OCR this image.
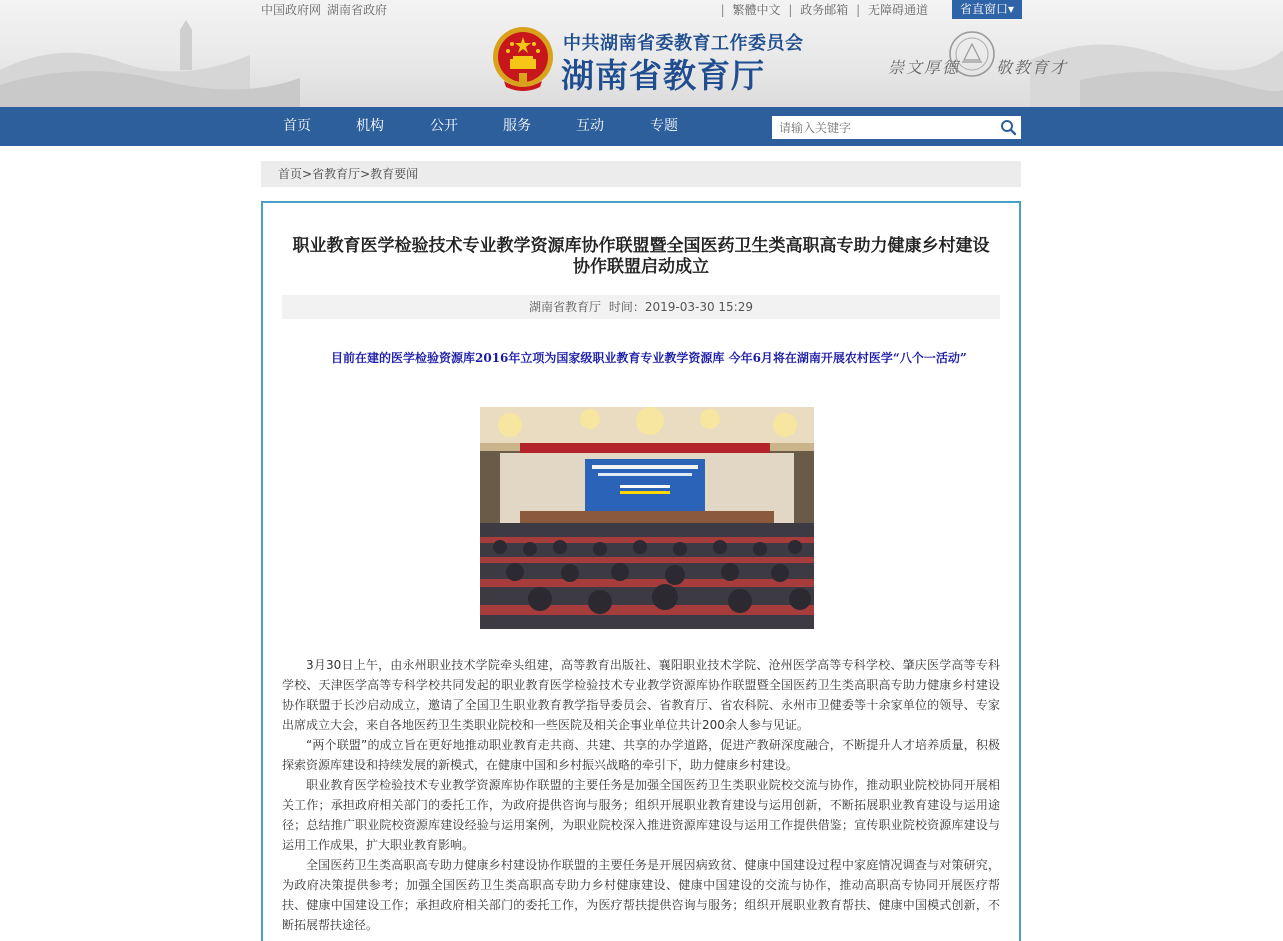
中国政府网 湖南省政府	| 繁體中文 | 政务邮箱 | 无障碍通道	省直窗口▾
中共湖南省委教育工作委员会
湖南省教育厅	崇文厚德　　 敬教育才
首页	机构	公开	服务	互动	专题
请输入关键字
首页>省教育厅>教育要闻
职业教育医学检验技术专业教学资源库协作联盟暨全国医药卫生类高职高专助力健康乡村建设
协作联盟启动成立
湖南省教育厅 时间：2019-03-30 15:29
目前在建的医学检验资源库2016年立项为国家级职业教育专业教学资源库 今年6月将在湖南开展农村医学“八个一活动”

3月30日上午，由永州职业技术学院牵头组建，高等教育出版社、襄阳职业技术学院、沧州医学高等专科学校、肇庆医学高等专科学校、天津医学高等专科学校共同发起的职业教育医学检验技术专业教学资源库协作联盟暨全国医药卫生类高职高专助力健康乡村建设协作联盟于长沙启动成立，邀请了全国卫生职业教育教学指导委员会、省教育厅、省农科院、永州市卫健委等十余家单位的领导、专家出席成立大会，来自各地医药卫生类职业院校和一些医院及相关企事业单位共计200余人参与见证。

“两个联盟”的成立旨在更好地推动职业教育走共商、共建、共享的办学道路，促进产教研深度融合，不断提升人才培养质量，积极探索资源库建设和持续发展的新模式，在健康中国和乡村振兴战略的牵引下，助力健康乡村建设。

职业教育医学检验技术专业教学资源库协作联盟的主要任务是加强全国医药卫生类职业院校交流与协作，推动职业院校协同开展相关工作；承担政府相关部门的委托工作，为政府提供咨询与服务；组织开展职业教育建设与运用创新，不断拓展职业教育建设与运用途径；总结推广职业院校资源库建设经验与运用案例，为职业院校深入推进资源库建设与运用工作提供借鉴；宣传职业院校资源库建设与运用工作成果，扩大职业教育影响。

全国医药卫生类高职高专助力健康乡村建设协作联盟的主要任务是开展因病致贫、健康中国建设过程中家庭情况调查与对策研究，为政府决策提供参考；加强全国医药卫生类高职高专助力乡村健康建设、健康中国建设的交流与协作，推动高职高专协同开展医疗帮扶、健康中国建设工作；承担政府相关部门的委托工作，为医疗帮扶提供咨询与服务；组织开展职业教育帮扶、健康中国模式创新，不断拓展帮扶途径。
